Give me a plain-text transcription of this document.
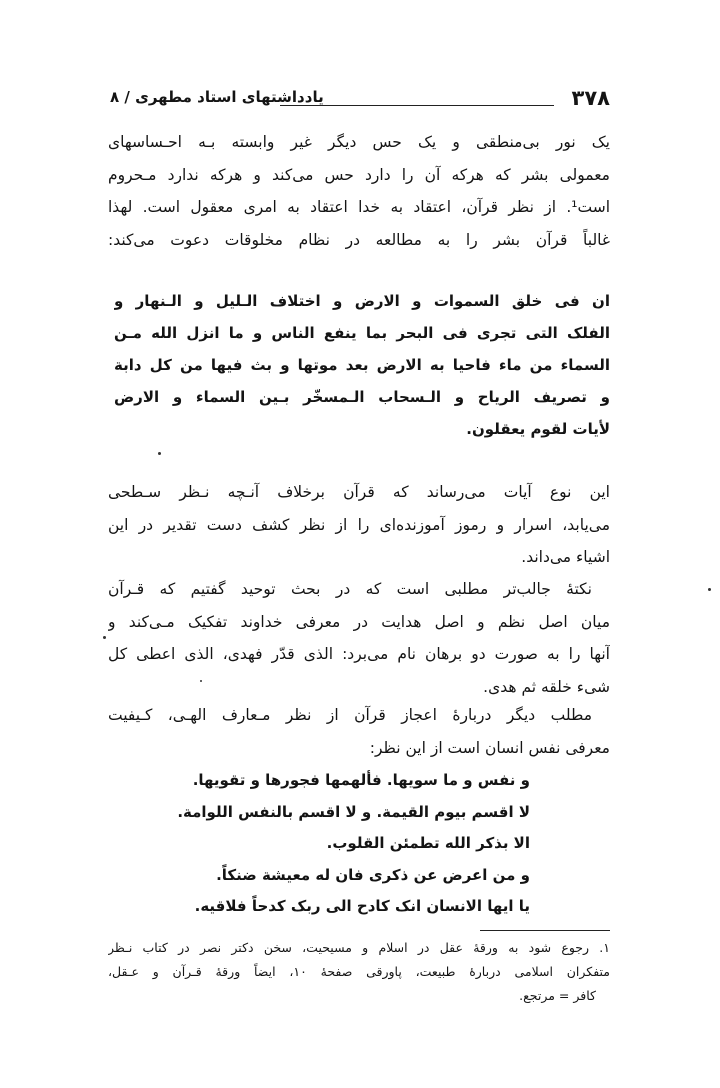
۳۷۸
یادداشتهای استاد مطهری / ۸
یک نور بی‌منطقی و یک حس دیگر غیر وابسته بـه احـساسهای
معمولی بشر که هرکه آن را دارد حس می‌کند و هرکه ندارد مـحروم
است¹. از نظر قرآن، اعتقاد به خدا اعتقاد به امری معقول است. لهذا
غالباً قرآن بشر را به مطالعه در نظام مخلوقات دعوت می‌کند:
ان فی خلق السموات و الارض و اختلاف الـلیل و الـنهار و
الفلک التی تجری فی البحر بما ینفع الناس و ما انزل الله مـن
السماء من ماء فاحیا به الارض بعد موتها و بث فیها من کل دابة
و تصریف الریاح و الـسحاب الـمسخّر بـین السماء و الارض
لأیات لقوم یعقلون.
این نوع آیات می‌رساند که قرآن برخلاف آنـچه نـظر سـطحی
می‌یابد، اسرار و رموز آموزنده‌ای را از نظر کشف دست تقدیر در این
اشیاء می‌داند.
نکتهٔ جالب‌تر مطلبی است که در بحث توحید گفتیم که قـرآن
میان اصل نظم و اصل هدایت در معرفی خداوند تفکیک مـی‌کند و
آنها را به صورت دو برهان نام می‌برد: الذی قدّر فهدی، الذی اعطی کل
شیء خلقه ثم هدی.
مطلب دیگر دربارهٔ اعجاز قرآن از نظر مـعارف الهـی، کـیفیت
معرفی نفس انسان است از این نظر:
و نفس و ما سویها. فألهمها فجورها و تقویها.
لا اقسم بیوم القیمة. و لا اقسم بالنفس اللوامة.
الا بذکر الله تطمئن القلوب.
و من اعرض عن ذکری فان له معیشة ضنکاً.
یا ایها الانسان انک کادح الی ربک کدحاً فلاقیه.
۱. رجوع شود به ورقهٔ عقل در اسلام و مسیحیت، سخن دکتر نصر در کتاب نـظر
متفکران اسلامی دربارهٔ طبیعت، پاورقی صفحهٔ ۱۰، ایضاً ورقهٔ قـرآن و عـقل،
کافر = مرتجع.
